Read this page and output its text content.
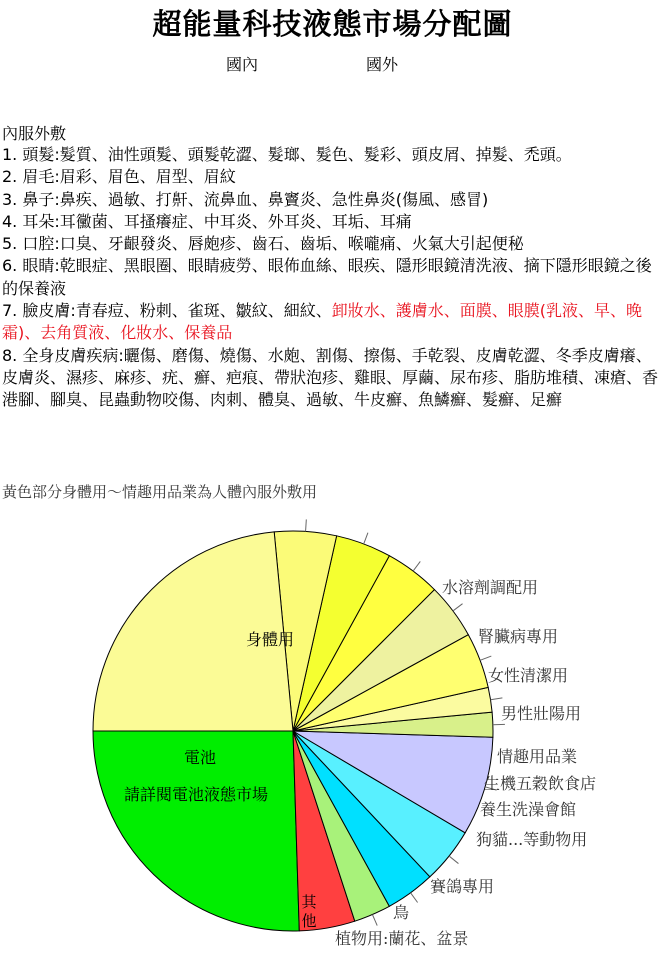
超能量科技液態市場分配圖
國內	國外
內服外敷
1. 頭髮:髮質、油性頭髮、頭髮乾澀、髮瑯、髮色、髮彩、頭皮屑、掉髮、禿頭。
2. 眉毛:眉彩、眉色、眉型、眉紋
3. 鼻子:鼻疾、過敏、打鼾、流鼻血、鼻竇炎、急性鼻炎(傷風、感冒)
4. 耳朵:耳黴菌、耳搔癢症、中耳炎、外耳炎、耳垢、耳痛
5. 口腔:口臭、牙齦發炎、唇皰疹、齒石、齒垢、喉嚨痛、火氣大引起便秘
6. 眼睛:乾眼症、黑眼圈、眼睛疲勞、眼佈血絲、眼疾、隱形眼鏡清洗液、摘下隱形眼鏡之後的保養液
7. 臉皮膚:青春痘、粉刺、雀斑、皺紋、細紋、卸妝水、護膚水、面膜、眼膜(乳液、早、晚霜)、去角質液、化妝水、保養品
8. 全身皮膚疾病:曬傷、磨傷、燒傷、水皰、割傷、擦傷、手乾裂、皮膚乾澀、冬季皮膚癢、皮膚炎、濕疹、麻疹、疣、癬、疤痕、帶狀泡疹、雞眼、厚繭、尿布疹、脂肪堆積、凍瘡、香港腳、腳臭、昆蟲動物咬傷、肉刺、體臭、過敏、牛皮癬、魚鱗癬、髮癬、足癬
黃色部分身體用～情趣用品業為人體內服外敷用
電池
請詳閱電池液態市場
其
他
植物用:蘭花、盆景
鳥
賽鴿專用
狗貓...等動物用
養生洗澡會館
生機五穀飲食店
情趣用品業
男性壯陽用
女性清潔用
腎臟病專用
水溶劑調配用
身體用
